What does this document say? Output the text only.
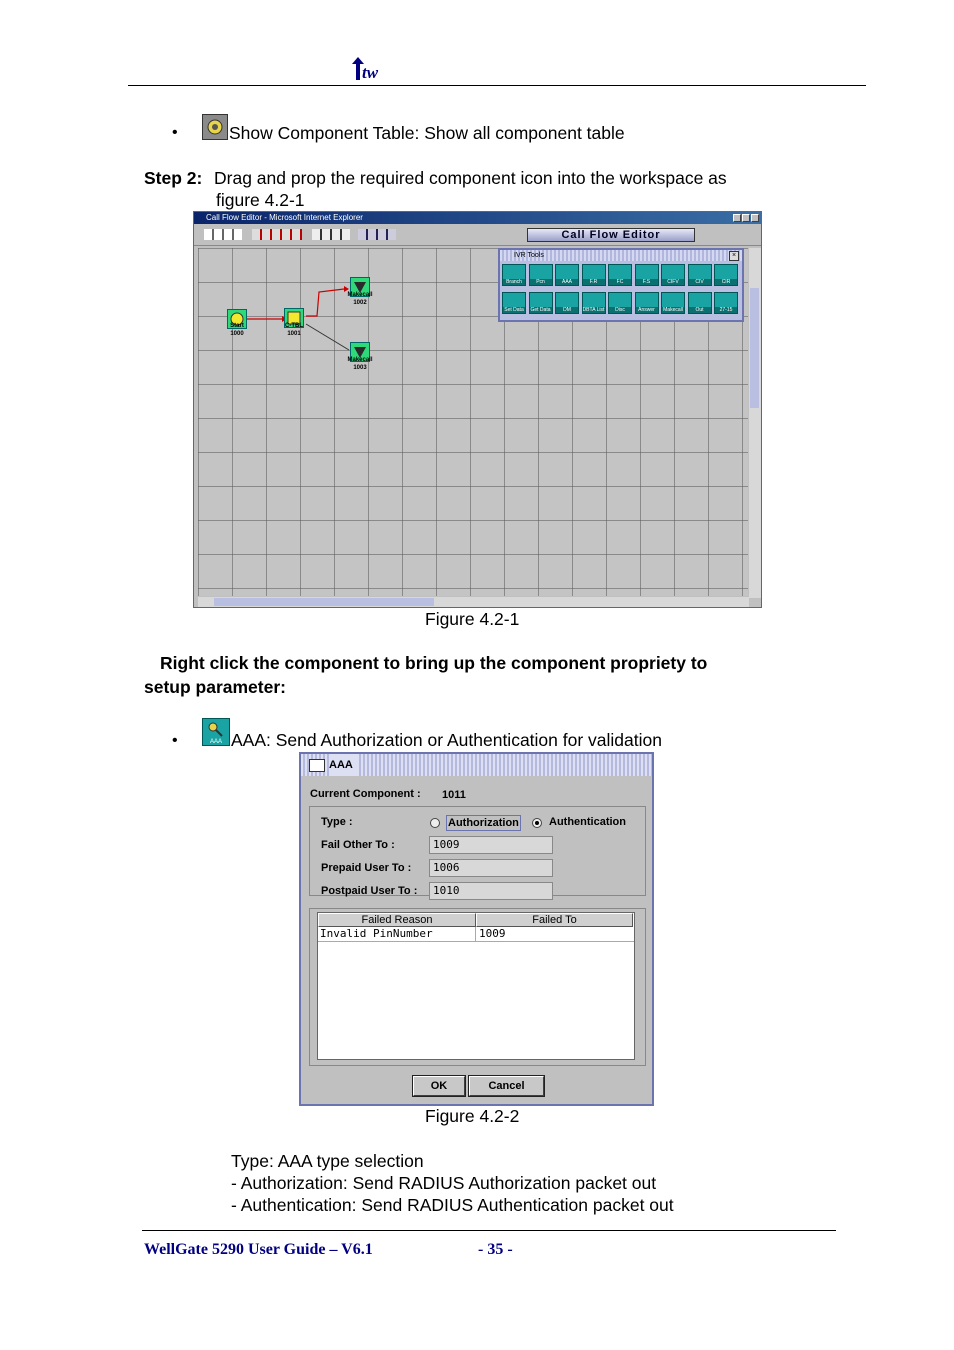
tw
•	Show Component Table: Show all component table
Step 2: Drag and prop the required component icon into the workspace as
figure 4.2-1
Call Flow Editor - Microsoft Internet Explorer
Call Flow Editor
Start
1000
C-TBL
1001
Makecall
1002
Makecall
1003
IVR Tools	×
Branch	Pcn	AAA	F.R	FC	F.S	CIFV	CIV	CIR
Set Data Get Data	DM	DBTA List	Disc	Answer	Makecall	Out	27-15
Figure 4.2-1
Right click the component to bring up the component propriety to
setup parameter:
•	AAA AAA: Send Authorization or Authentication for validation
AAA
Current Component : 1011
Type :	Authorization	Authentication
Fail Other To :	1009
Prepaid User To :	1006
Postpaid User To :	1010
Failed Reason	Failed To
Invalid PinNumber	1009
OK	Cancel
Figure 4.2-2
Type: AAA type selection
- Authorization: Send RADIUS Authorization packet out
- Authentication: Send RADIUS Authentication packet out
WellGate 5290 User Guide – V6.1	- 35 -
